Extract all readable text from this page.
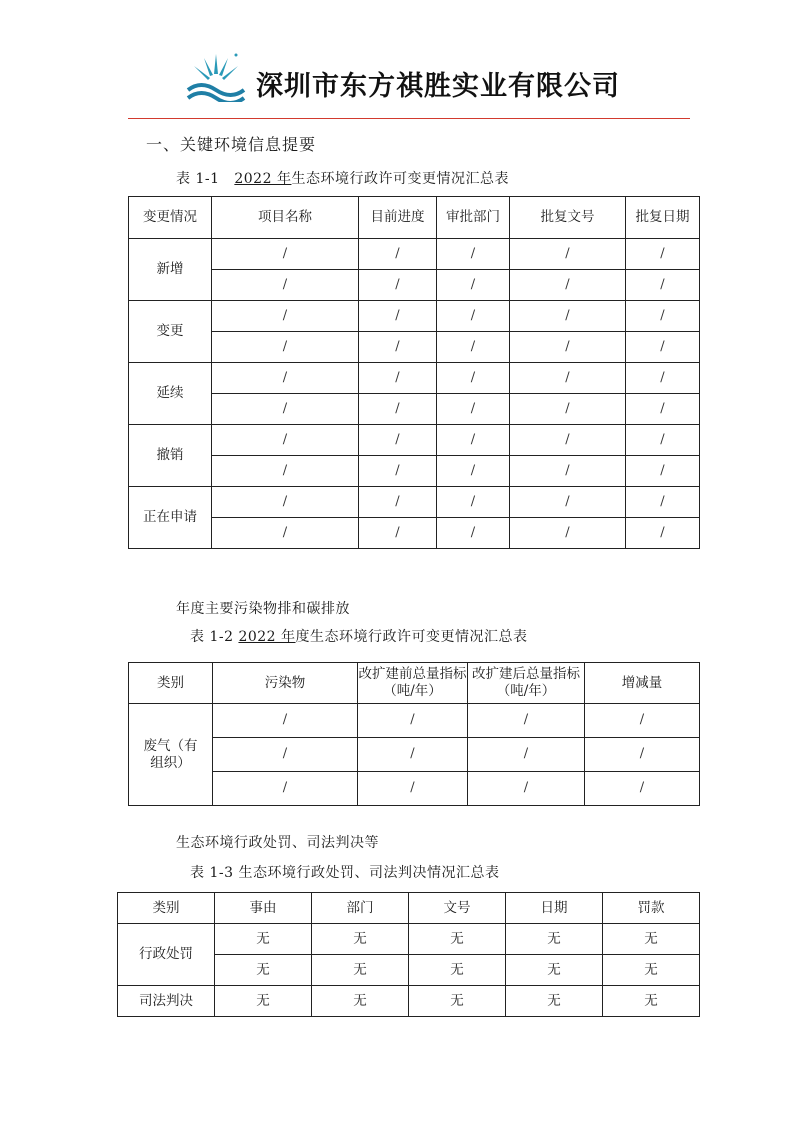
深圳市东方祺胜实业有限公司
一、关键环境信息提要
表 1-1 2022 年生态环境行政许可变更情况汇总表
变更情况	项目名称	目前进度	审批部门	批复文号	批复日期
新增	/	/	/	/	/
	/	/	/	/	/
变更	/	/	/	/	/
	/	/	/	/	/
延续	/	/	/	/	/
	/	/	/	/	/
撤销	/	/	/	/	/
	/	/	/	/	/
正在申请	/	/	/	/	/
	/	/	/	/	/
年度主要污染物排和碳排放
表 1-2 2022 年度生态环境行政许可变更情况汇总表
类别	污染物	改扩建前总量指标（吨/年）	改扩建后总量指标（吨/年）	增减量
废气（有组织）	/	/	/	/
	/	/	/	/
	/	/	/	/
生态环境行政处罚、司法判决等
表 1-3 生态环境行政处罚、司法判决情况汇总表
类别	事由	部门	文号	日期	罚款
行政处罚	无	无	无	无	无
	无	无	无	无	无
司法判决	无	无	无	无	无
